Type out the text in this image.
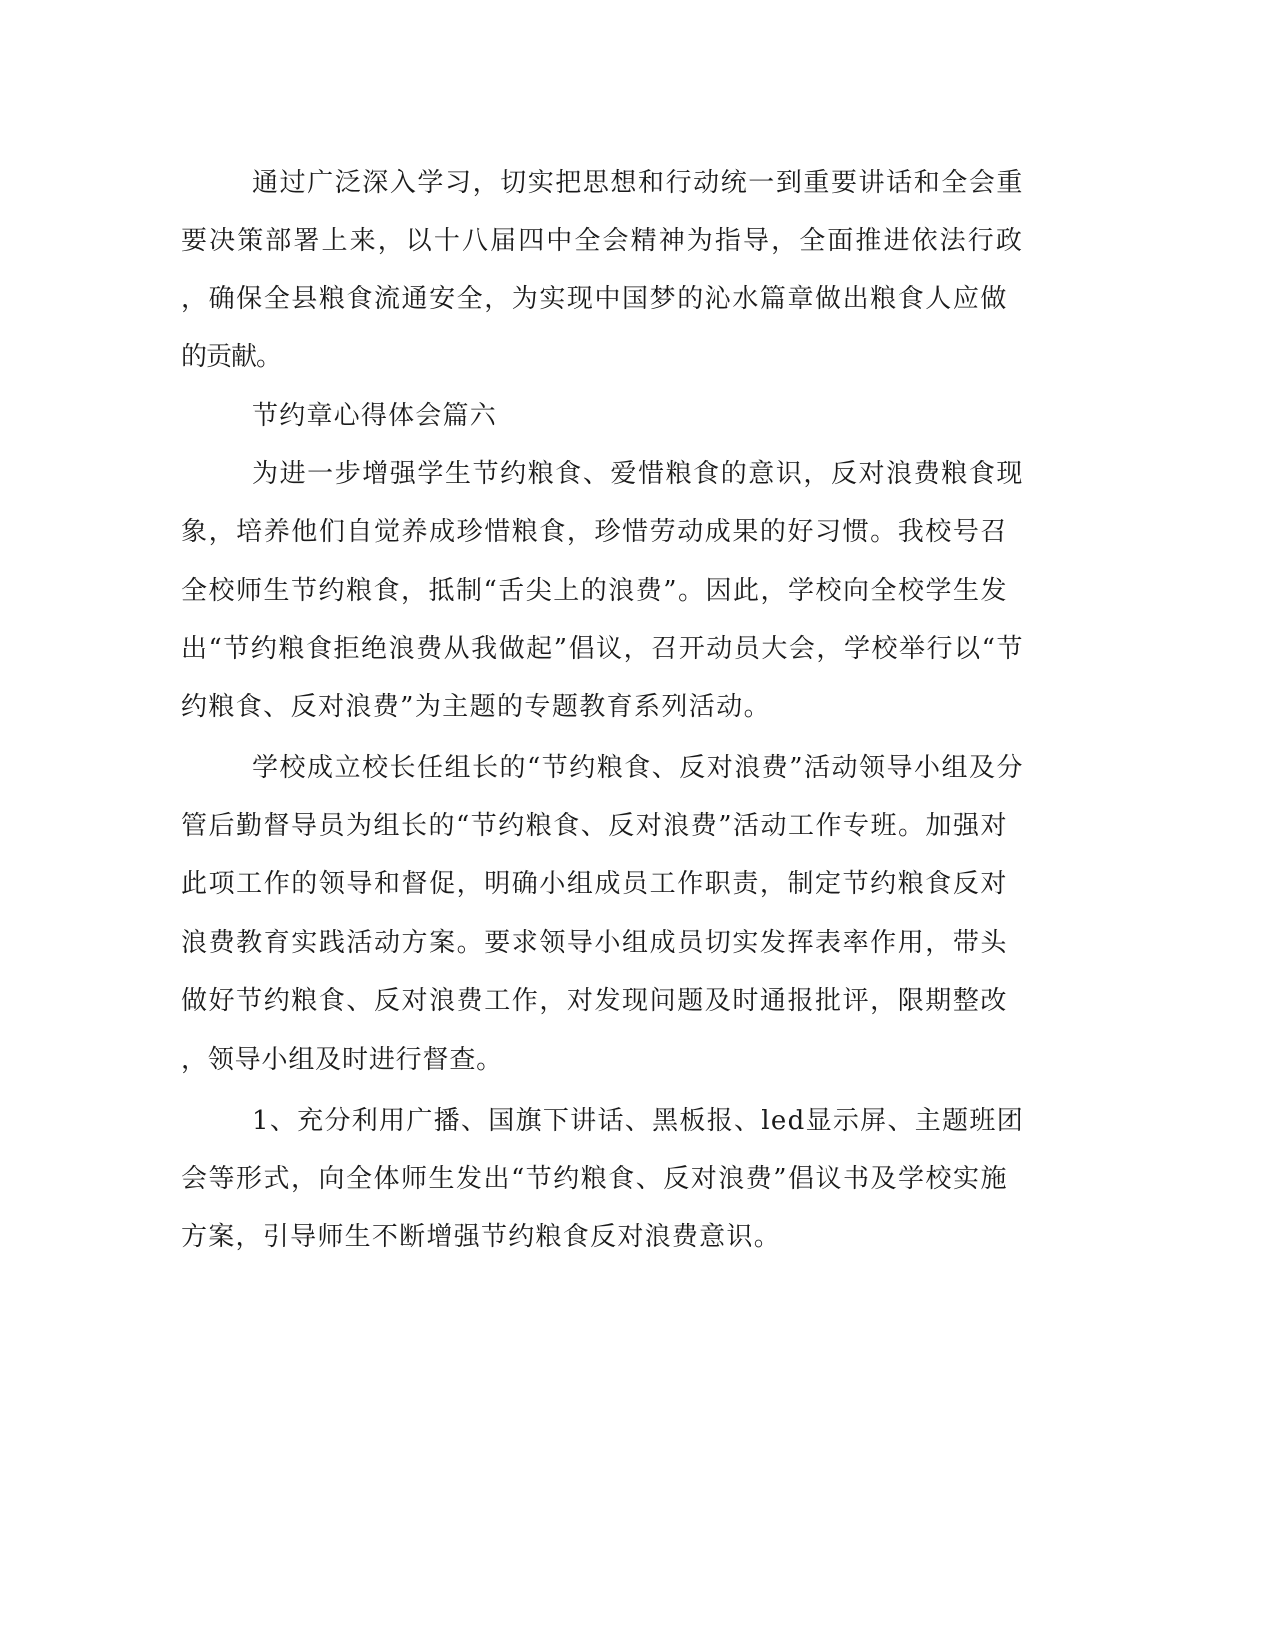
通过广泛深入学习，切实把思想和行动统一到重要讲话和全会重
要决策部署上来，以十八届四中全会精神为指导，全面推进依法行政
，确保全县粮食流通安全，为实现中国梦的沁水篇章做出粮食人应做
的贡献。
节约章心得体会篇六
为进一步增强学生节约粮食、爱惜粮食的意识，反对浪费粮食现
象，培养他们自觉养成珍惜粮食，珍惜劳动成果的好习惯。我校号召
全校师生节约粮食，抵制“舌尖上的浪费”。因此，学校向全校学生发
出“节约粮食拒绝浪费从我做起”倡议，召开动员大会，学校举行以“节
约粮食、反对浪费”为主题的专题教育系列活动。
学校成立校长任组长的“节约粮食、反对浪费”活动领导小组及分
管后勤督导员为组长的“节约粮食、反对浪费”活动工作专班。加强对
此项工作的领导和督促，明确小组成员工作职责，制定节约粮食反对
浪费教育实践活动方案。要求领导小组成员切实发挥表率作用，带头
做好节约粮食、反对浪费工作，对发现问题及时通报批评，限期整改
，领导小组及时进行督查。
1、充分利用广播、国旗下讲话、黑板报、led显示屏、主题班团
会等形式，向全体师生发出“节约粮食、反对浪费”倡议书及学校实施
方案，引导师生不断增强节约粮食反对浪费意识。
